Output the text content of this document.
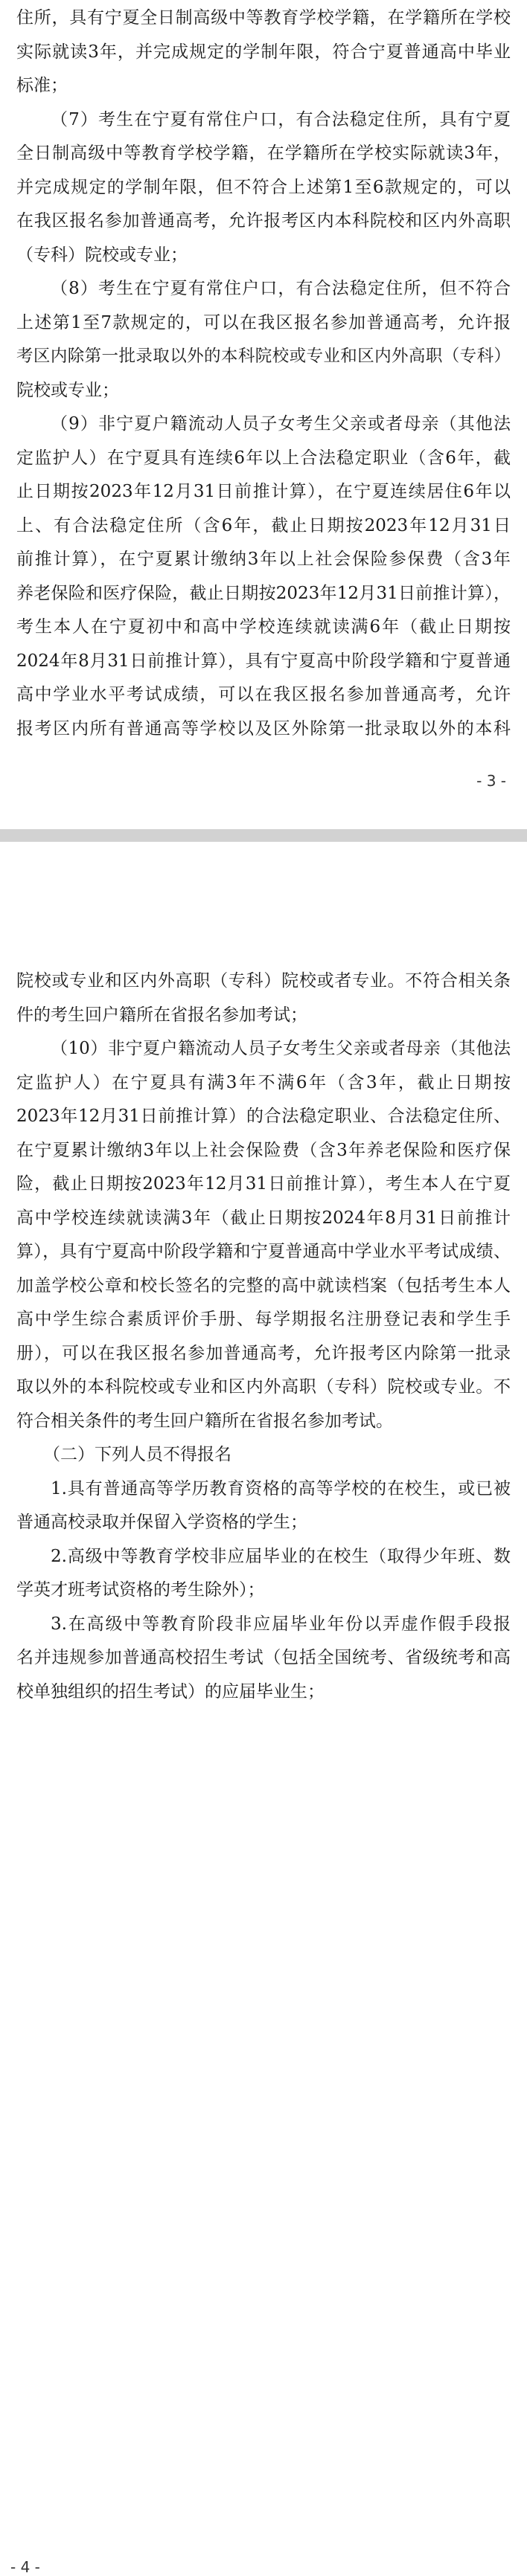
住所，具有宁夏全日制高级中等教育学校学籍，在学籍所在学校
实际就读3年，并完成规定的学制年限，符合宁夏普通高中毕业
标准；
（7）考生在宁夏有常住户口，有合法稳定住所，具有宁夏
全日制高级中等教育学校学籍，在学籍所在学校实际就读3年，
并完成规定的学制年限，但不符合上述第1至6款规定的，可以
在我区报名参加普通高考，允许报考区内本科院校和区内外高职
（专科）院校或专业；
（8）考生在宁夏有常住户口，有合法稳定住所，但不符合
上述第1至7款规定的，可以在我区报名参加普通高考，允许报
考区内除第一批录取以外的本科院校或专业和区内外高职（专科）
院校或专业；
（9）非宁夏户籍流动人员子女考生父亲或者母亲（其他法
定监护人）在宁夏具有连续6年以上合法稳定职业（含6年，截
止日期按2023年12月31日前推计算），在宁夏连续居住6年以
上、有合法稳定住所（含6年，截止日期按2023年12月31日
前推计算），在宁夏累计缴纳3年以上社会保险参保费（含3年
养老保险和医疗保险，截止日期按2023年12月31日前推计算），
考生本人在宁夏初中和高中学校连续就读满6年（截止日期按
2024年8月31日前推计算），具有宁夏高中阶段学籍和宁夏普通
高中学业水平考试成绩，可以在我区报名参加普通高考，允许
报考区内所有普通高等学校以及区外除第一批录取以外的本科
- 3 -
院校或专业和区内外高职（专科）院校或者专业。不符合相关条
件的考生回户籍所在省报名参加考试；
（10）非宁夏户籍流动人员子女考生父亲或者母亲（其他法
定监护人）在宁夏具有满3年不满6年（含3年，截止日期按
2023年12月31日前推计算）的合法稳定职业、合法稳定住所、
在宁夏累计缴纳3年以上社会保险费（含3年养老保险和医疗保
险，截止日期按2023年12月31日前推计算），考生本人在宁夏
高中学校连续就读满3年（截止日期按2024年8月31日前推计
算），具有宁夏高中阶段学籍和宁夏普通高中学业水平考试成绩、
加盖学校公章和校长签名的完整的高中就读档案（包括考生本人
高中学生综合素质评价手册、每学期报名注册登记表和学生手
册），可以在我区报名参加普通高考，允许报考区内除第一批录
取以外的本科院校或专业和区内外高职（专科）院校或专业。不
符合相关条件的考生回户籍所在省报名参加考试。
（二）下列人员不得报名
1.具有普通高等学历教育资格的高等学校的在校生，或已被
普通高校录取并保留入学资格的学生；
2.高级中等教育学校非应届毕业的在校生（取得少年班、数
学英才班考试资格的考生除外）；
3.在高级中等教育阶段非应届毕业年份以弄虚作假手段报
名并违规参加普通高校招生考试（包括全国统考、省级统考和高
校单独组织的招生考试）的应届毕业生；
- 4 -
